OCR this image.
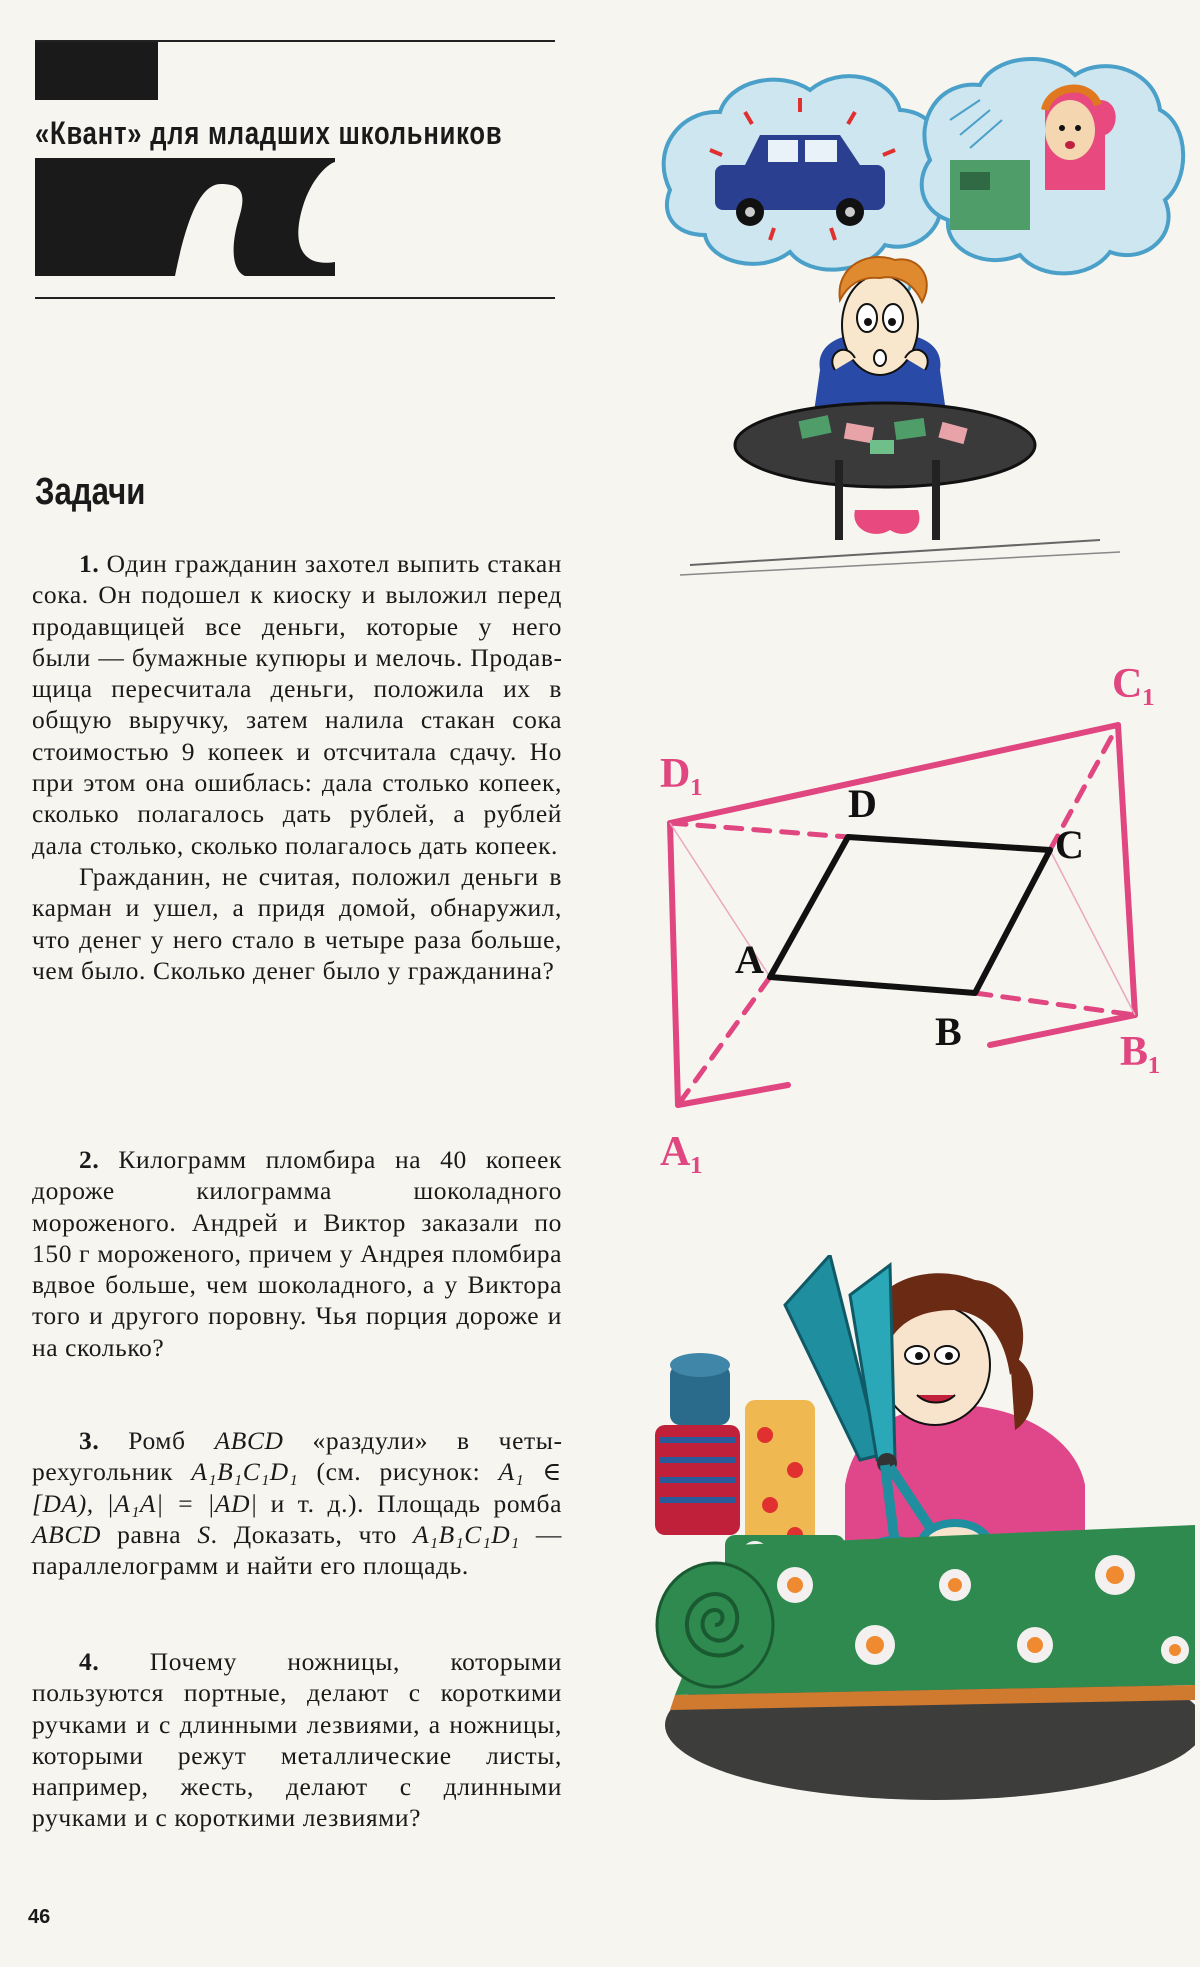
«Квант» для младших школьников
Задачи

1. Один гражданин захотел выпить стакан сока. Он подошел к киоску и выложил перед продавщицей все деньги, которые у него были — бумажные купюры и мелочь. Продавщица пересчитала деньги, положила их в общую выручку, затем налила стакан сока стоимостью 9 копеек и отсчитала сдачу. Но при этом она ошиблась: дала столько копеек, сколько полагалось дать рублей, а рублей дала столько, сколько полагалось дать копеек.

Гражданин, не считая, положил деньги в карман и ушел, а придя домой, обнаружил, что денег у него стало в четыре раза больше, чем было. Сколько денег было у гражданина?

2. Килограмм пломбира на 40 копеек дороже килограмма шоколадного мороженого. Андрей и Виктор заказали по 150 г мороженого, причем у Андрея пломбира вдвое больше, чем шоколадного, а у Виктора того и другого поровну. Чья порция дороже и на сколько?

3. Ромб ABCD «раздули» в четырехугольник A₁B₁C₁D₁ (см. рисунок: A₁ ∈ [DA), |A₁A| = |AD| и т. д.). Площадь ромба ABCD равна S. Доказать, что A₁B₁C₁D₁ — параллелограмм и найти его площадь.

4. Почему ножницы, которыми пользуются портные, делают с короткими ручками и с длинными лезвиями, а ножницы, которыми режут металлические листы, например, жесть, делают с длинными ручками и с короткими лезвиями?

46
A
B
C
D
A₁
B₁
C₁
D₁
